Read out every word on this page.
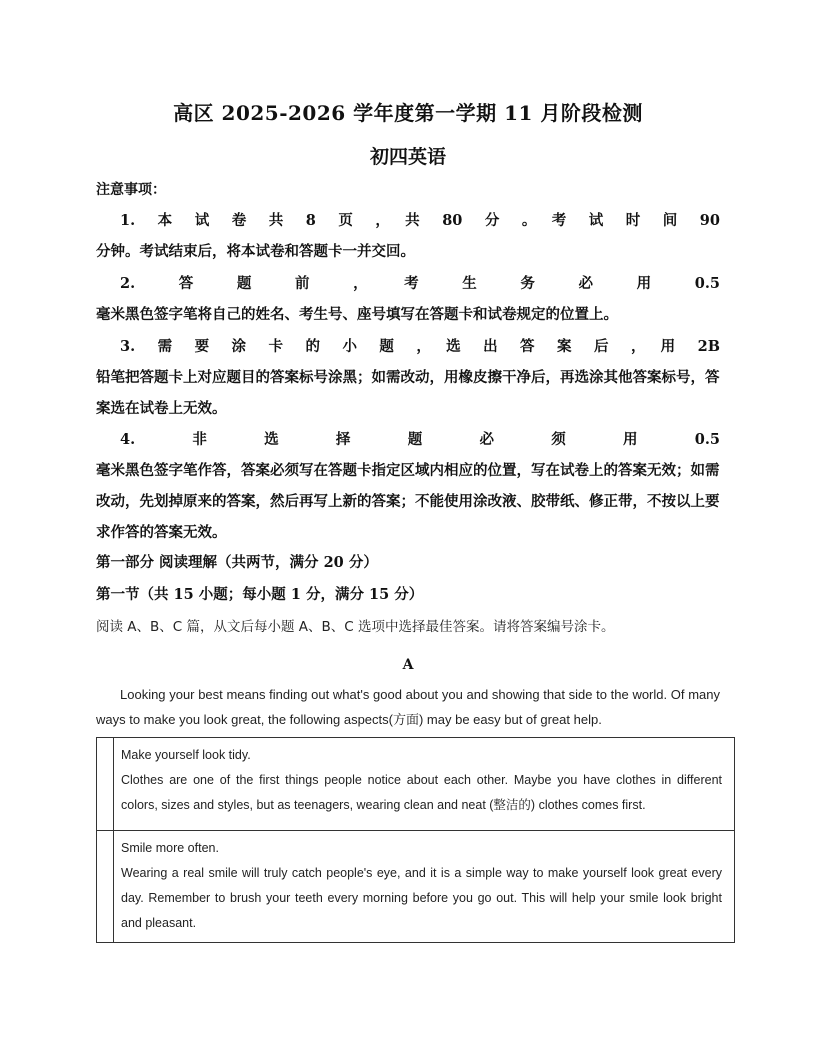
高区 2025-2026 学年度第一学期 11 月阶段检测
初四英语
注意事项：
1.　本　试　卷　共　8　页　，　共　80　分　。　考　试　时　间　90
分钟。考试结束后，将本试卷和答题卡一并交回。
2.　答　题　前　，　考　生　务　必　用　0.5
毫米黑色签字笔将自己的姓名、考生号、座号填写在答题卡和试卷规定的位置上。
3.　需　要　涂　卡　的　小　题　，　选　出　答　案　后　，　用　2B
铅笔把答题卡上对应题目的答案标号涂黑；如需改动，用橡皮擦干净后，再选涂其他答案标号，答案选在试卷上无效。
4.　非　选　择　题　必　须　用　0.5
毫米黑色签字笔作答，答案必须写在答题卡指定区域内相应的位置，写在试卷上的答案无效；如需改动，先划掉原来的答案，然后再写上新的答案；不能使用涂改液、胶带纸、修正带，不按以上要求作答的答案无效。
第一部分 阅读理解（共两节，满分 20 分）
第一节（共 15 小题；每小题 1 分，满分 15 分）
阅读 A、B、C 篇，从文后每小题 A、B、C 选项中选择最佳答案。请将答案编号涂卡。
A
Looking your best means finding out what's good about you and showing that side to the world. Of many ways to make you look great, the following aspects(方面) may be easy but of great help.
Make yourself look tidy.
Clothes are one of the first things people notice about each other. Maybe you have clothes in different colors, sizes and styles, but as teenagers, wearing clean and neat (整洁的) clothes comes first.
Smile more often.
Wearing a real smile will truly catch people's eye, and it is a simple way to make yourself look great every day. Remember to brush your teeth every morning before you go out. This will help your smile look bright and pleasant.
